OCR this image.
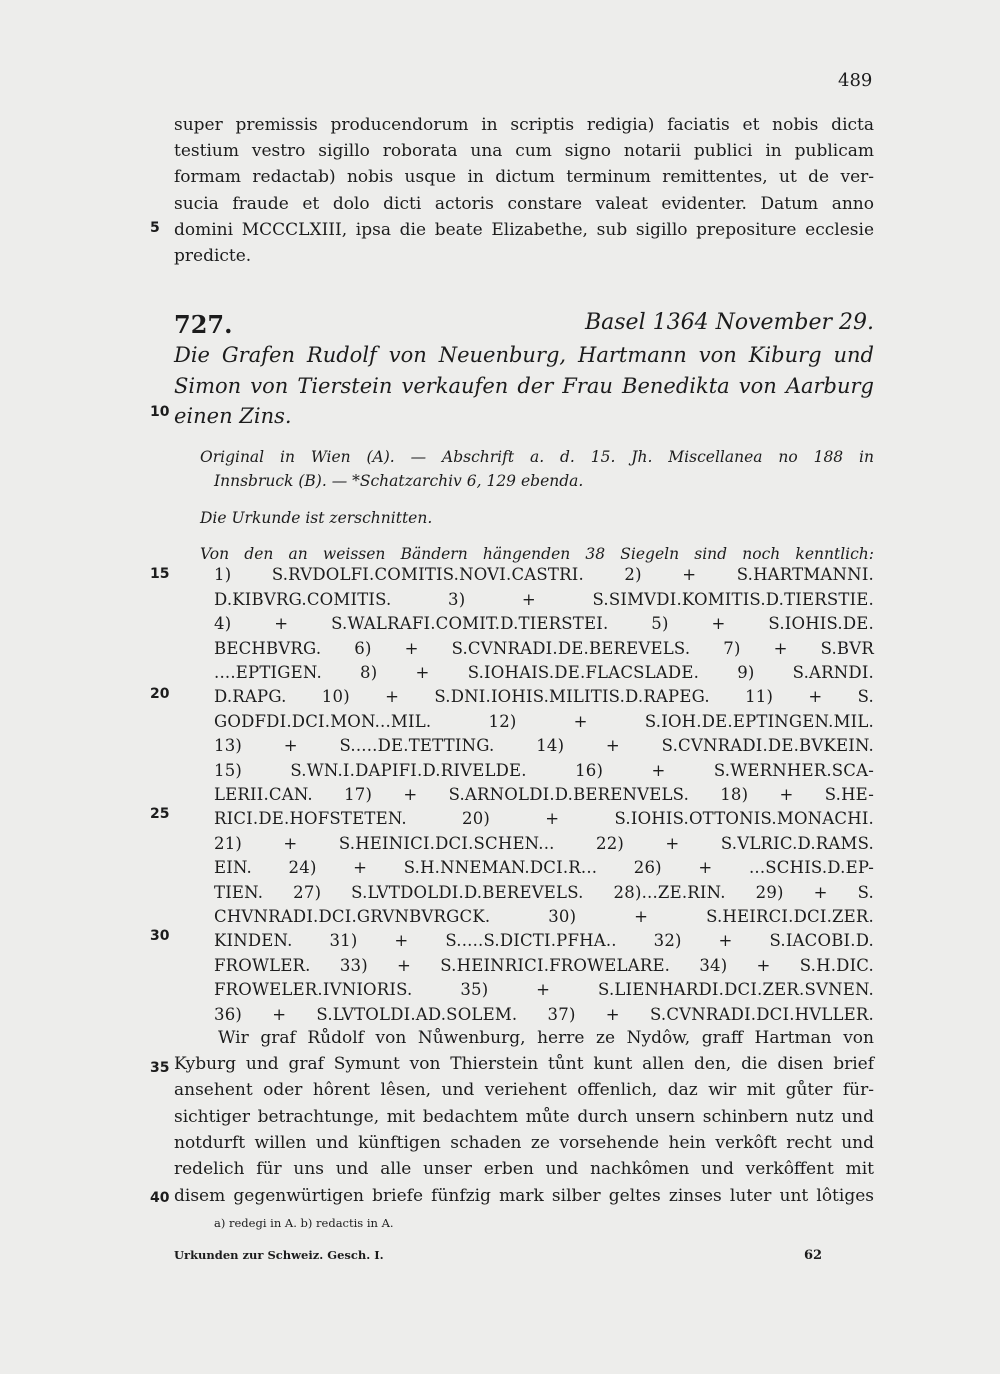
489
super premissis producendorum in scriptis redigia) faciatis et nobis dicta
testium vestro sigillo roborata una cum signo notarii publici in publicam
formam redactab) nobis usque in dictum terminum remittentes, ut de ver-
sucia fraude et dolo dicti actoris constare valeat evidenter. Datum anno
domini MCCCLXIII, ipsa die beate Elizabethe, sub sigillo prepositure ecclesie
predicte.
727.	Basel 1364 November 29.
Die Grafen Rudolf von Neuenburg, Hartmann von Kiburg und
Simon von Tierstein verkaufen der Frau Benedikta von Aarburg
einen Zins.
Original in Wien (A). — Abschrift a. d. 15. Jh. Miscellanea no 188 in
Innsbruck (B). — *Schatzarchiv 6, 129 ebenda.
Die Urkunde ist zerschnitten.
Von den an weissen Bändern hängenden 38 Siegeln sind noch kenntlich:
1) S.RVDOLFI.COMITIS.NOVI.CASTRI. 2) + S.HARTMANNI.
D.KIBVRG.COMITIS. 3) + S.SIMVDI.KOMITIS.D.TIERSTIE.
4) + S.WALRAFI.COMIT.D.TIERSTEI. 5) + S.IOHIS.DE.
BECHBVRG. 6) + S.CVNRADI.DE.BEREVELS. 7) + S.BVR
....EPTIGEN. 8) + S.IOHAIS.DE.FLACSLADE. 9) S.ARNDI.
D.RAPG. 10) + S.DNI.IOHIS.MILITIS.D.RAPEG. 11) + S.
GODFDI.DCI.MON...MIL. 12) + S.IOH.DE.EPTINGEN.MIL.
13) + S.....DE.TETTING. 14) + S.CVNRADI.DE.BVKEIN.
15) S.WN.I.DAPIFI.D.RIVELDE. 16) + S.WERNHER.SCA-
LERII.CAN. 17) + S.ARNOLDI.D.BERENVELS. 18) + S.HE-
RICI.DE.HOFSTETEN. 20) + S.IOHIS.OTTONIS.MONACHI.
21) + S.HEINICI.DCI.SCHEN... 22) + S.VLRIC.D.RAMS.
EIN. 24) + S.H.NNEMAN.DCI.R... 26) + ...SCHIS.D.EP-
TIEN. 27) S.LVTDOLDI.D.BEREVELS. 28)...ZE.RIN. 29) + S.
CHVNRADI.DCI.GRVNBVRGCK. 30) + S.HEIRCI.DCI.ZER.
KINDEN. 31) + S.....S.DICTI.PFHA.. 32) + S.IACOBI.D.
FROWLER. 33) + S.HEINRICI.FROWELARE. 34) + S.H.DIC.
FROWELER.IVNIORIS. 35) + S.LIENHARDI.DCI.ZER.SVNEN.
36) + S.LVTOLDI.AD.SOLEM. 37) + S.CVNRADI.DCI.HVLLER.
Wir graf Růdolf von Nůwenburg, herre ze Nydôw, graff Hartman von
Kyburg und graf Symunt von Thierstein tůnt kunt allen den, die disen brief
ansehent oder hôrent lêsen, und veriehent offenlich, daz wir mit gůter für-
sichtiger betrachtunge, mit bedachtem můte durch unsern schinbern nutz und
notdurft willen und künftigen schaden ze vorsehende hein verkôft recht und
redelich für uns und alle unser erben und nachkômen und verkôffent mit
disem gegenwürtigen briefe fünfzig mark silber geltes zinses luter unt lôtiges
5
10
15
20
25
30
35
40
a) redegi in A. b) redactis in A.
Urkunden zur Schweiz. Gesch. I.	62
